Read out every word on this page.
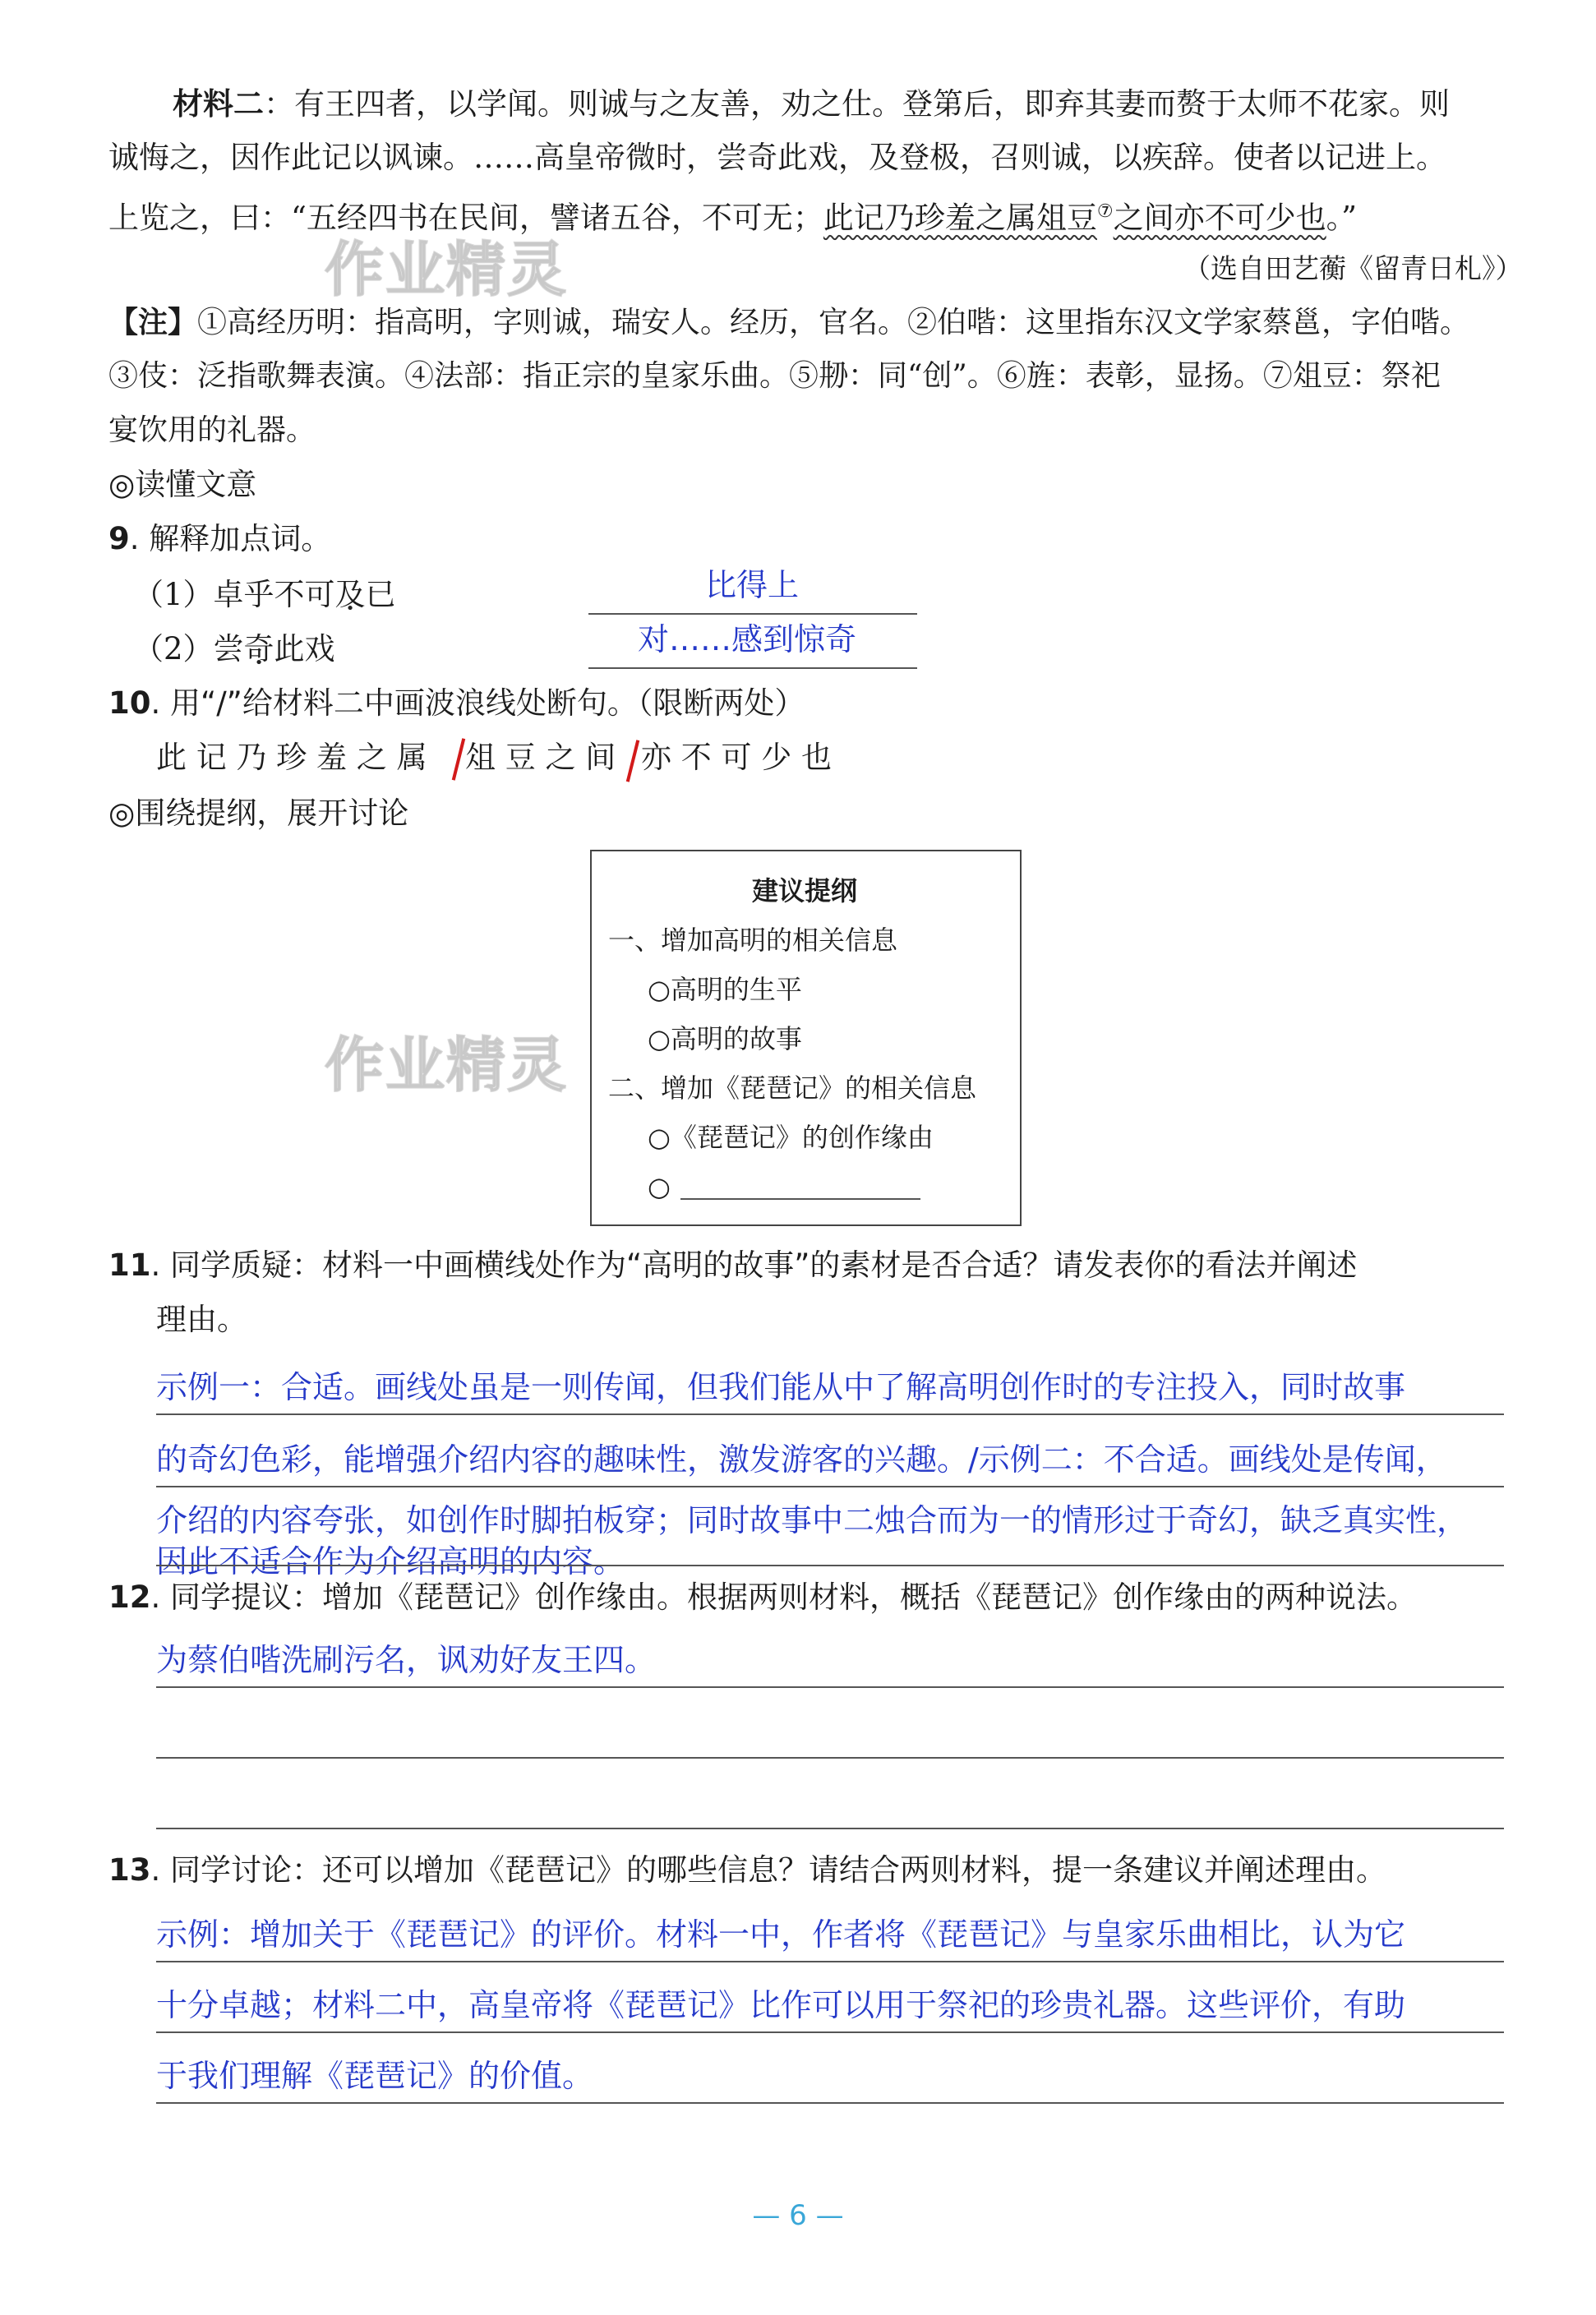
材料二：有王四者，以学闻。则诚与之友善，劝之仕。登第后，即弃其妻而赘于太师不花家。则
诚悔之，因作此记以讽谏。……高皇帝微时，尝奇此戏，及登极，召则诚，以疾辞。使者以记进上。
上览之，曰：“五经四书在民间，譬诸五谷，不可无；此记乃珍羞之属俎豆⑦之间亦不可少也。”
作业精灵	（选自田艺蘅《留青日札》）
【注】①高经历明：指高明，字则诚，瑞安人。经历，官名。②伯喈：这里指东汉文学家蔡邕，字伯喈。
③伎：泛指歌舞表演。④法部：指正宗的皇家乐曲。⑤刱：同“创”。⑥旌：表彰，显扬。⑦俎豆：祭祀
宴饮用的礼器。
◎读懂文意
9. 解释加点词。
（1）卓乎不可及已	比得上
（2）尝奇此戏	对……感到惊奇
10. 用“/”给材料二中画波浪线处断句。（限断两处）
此 记 乃 珍 羞 之 属 俎 豆 之 间 亦 不 可 少 也
◎围绕提纲，展开讨论
建议提纲
一、增加高明的相关信息
○高明的生平
○高明的故事
二、增加《琵琶记》的相关信息
○《琵琶记》的创作缘由
○
作业精灵
11. 同学质疑：材料一中画横线处作为“高明的故事”的素材是否合适？请发表你的看法并阐述
理由。
示例一：合适。画线处虽是一则传闻，但我们能从中了解高明创作时的专注投入，同时故事
的奇幻色彩，能增强介绍内容的趣味性，激发游客的兴趣。/示例二：不合适。画线处是传闻，
介绍的内容夸张，如创作时脚拍板穿；同时故事中二烛合而为一的情形过于奇幻，缺乏真实性，
因此不适合作为介绍高明的内容。
12. 同学提议：增加《琵琶记》创作缘由。根据两则材料，概括《琵琶记》创作缘由的两种说法。
为蔡伯喈洗刷污名，讽劝好友王四。
13. 同学讨论：还可以增加《琵琶记》的哪些信息？请结合两则材料，提一条建议并阐述理由。
示例：增加关于《琵琶记》的评价。材料一中，作者将《琵琶记》与皇家乐曲相比，认为它
十分卓越；材料二中，高皇帝将《琵琶记》比作可以用于祭祀的珍贵礼器。这些评价，有助
于我们理解《琵琶记》的价值。
— 6 —
